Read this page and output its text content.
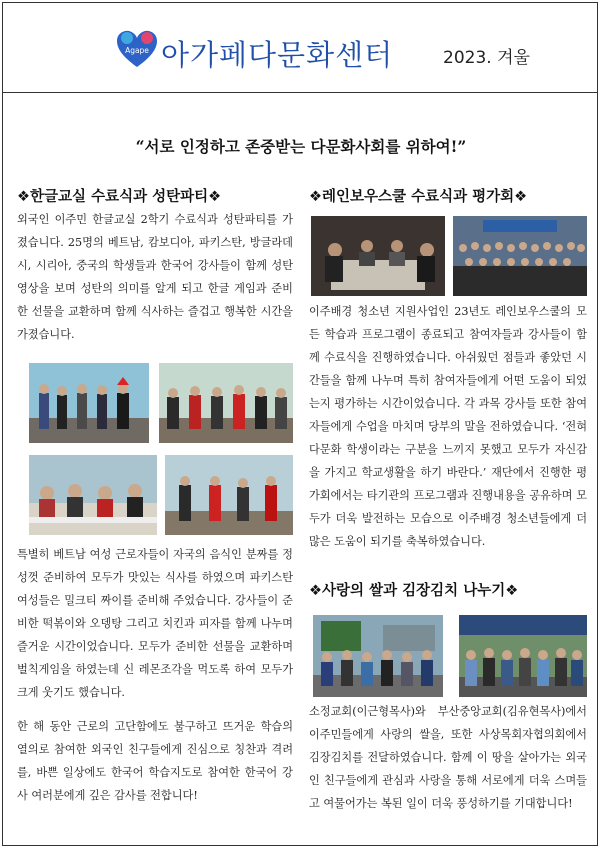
Agape 아가페다문화센터	2023. 겨울
“서로 인정하고 존중받는 다문화사회를 위하여!”
❖한글교실 수료식과 성탄파티❖
외국인 이주민 한글교실 2학기 수료식과 성탄파티를 가졌습니다. 25명의 베트남, 캄보디아, 파키스탄, 방글라데시, 시리아, 중국의 학생들과 한국어 강사들이 함께 성탄 영상을 보며 성탄의 의미를 알게 되고 한글 게임과 준비한 선물을 교환하며 함께 식사하는 즐겁고 행복한 시간을 가졌습니다.
특별히 베트남 여성 근로자들이 자국의 음식인 분짜를 정성껏 준비하여 모두가 맛있는 식사를 하였으며 파키스탄 여성들은 밀크티 짜이를 준비해 주었습니다. 강사들이 준비한 떡볶이와 오뎅탕 그리고 치킨과 피자를 함께 나누며 즐거운 시간이었습니다. 모두가 준비한 선물을 교환하며 벌칙게임을 하였는데 신 레몬조각을 먹도록 하여 모두가 크게 웃기도 했습니다.
한 해 동안 근로의 고단함에도 불구하고 뜨거운 학습의 열의로 참여한 외국인 친구들에게 진심으로 칭찬과 격려를, 바쁜 일상에도 한국어 학습지도로 참여한 한국어 강사 여러분에게 깊은 감사를 전합니다!
❖레인보우스쿨 수료식과 평가회❖
이주배경 청소년 지원사업인 23년도 레인보우스쿨의 모든 학습과 프로그램이 종료되고 참여자들과 강사들이 함께 수료식을 진행하였습니다. 아쉬웠던 점들과 좋았던 시간들을 함께 나누며 특히 참여자들에게 어떤 도움이 되었는지 평가하는 시간이었습니다. 각 과목 강사들 또한 참여자들에게 수업을 마치며 당부의 말을 전하였습니다. ‘전혀 다문화 학생이라는 구분을 느끼지 못했고 모두가 자신감을 가지고 학교생활을 하기 바란다.’ 재단에서 진행한 평가회에서는 타기관의 프로그램과 진행내용을 공유하며 모두가 더욱 발전하는 모습으로 이주배경 청소년들에게 더 많은 도움이 되기를 축복하였습니다.
❖사랑의 쌀과 김장김치 나누기❖
소정교회(이근형목사)와 부산중앙교회(김유현목사)에서 이주민들에게 사랑의 쌀을, 또한 사상목회자협의회에서 김장김치를 전달하였습니다. 함께 이 땅을 살아가는 외국인 친구들에게 관심과 사랑을 통해 서로에게 더욱 스며들고 여물어가는 복된 일이 더욱 풍성하기를 기대합니다!
